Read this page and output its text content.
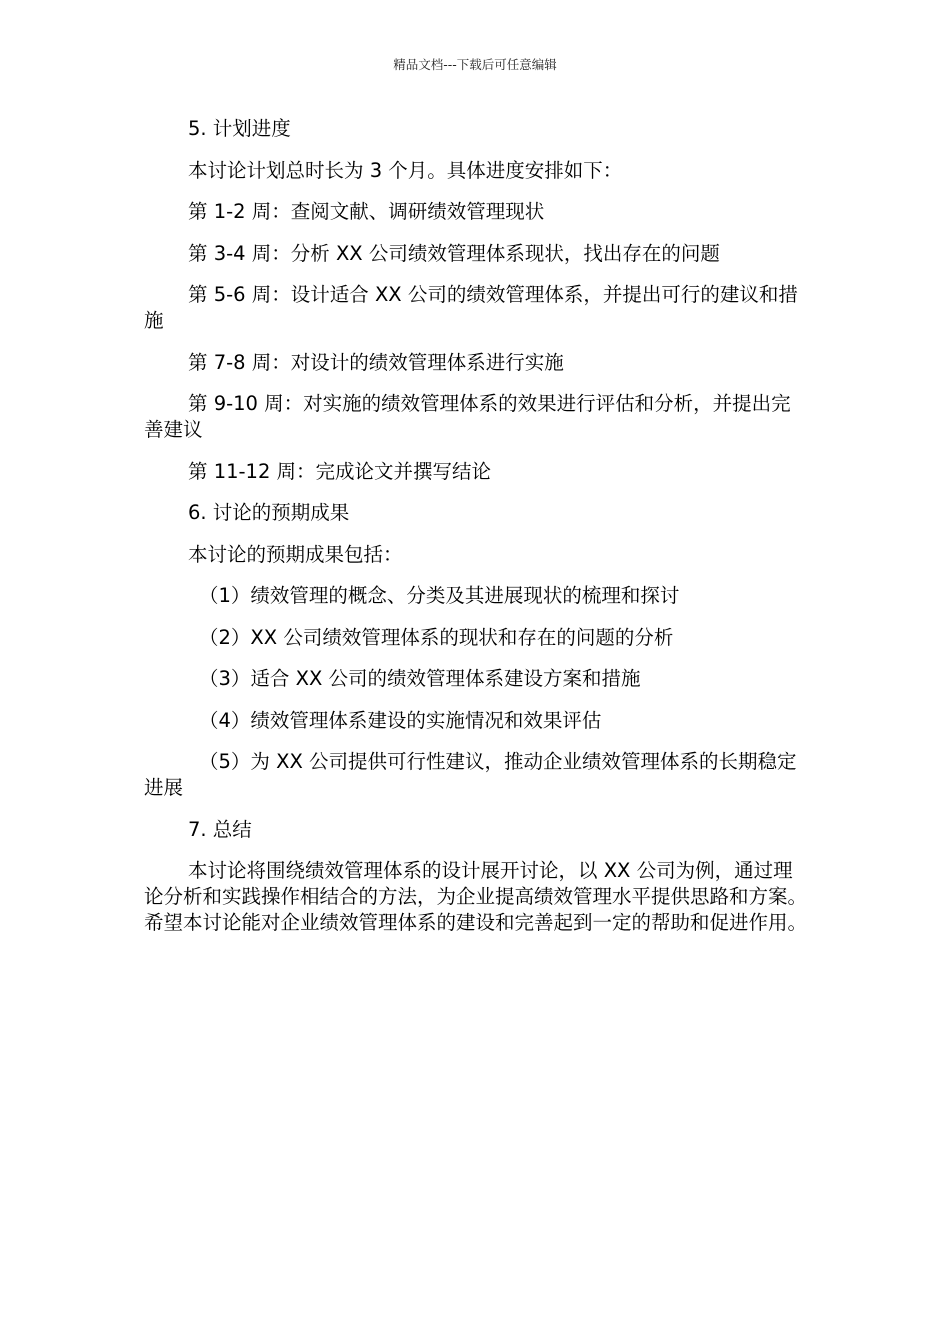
精品文档---下载后可任意编辑

5. 计划进度

本讨论计划总时长为 3 个月。具体进度安排如下：

第 1-2 周：查阅文献、调研绩效管理现状

第 3-4 周：分析 XX 公司绩效管理体系现状，找出存在的问题

第 5-6 周：设计适合 XX 公司的绩效管理体系，并提出可行的建议和措施

第 7-8 周：对设计的绩效管理体系进行实施

第 9-10 周：对实施的绩效管理体系的效果进行评估和分析，并提出完善建议

第 11-12 周：完成论文并撰写结论

6. 讨论的预期成果

本讨论的预期成果包括：

（1）绩效管理的概念、分类及其进展现状的梳理和探讨

（2）XX 公司绩效管理体系的现状和存在的问题的分析

（3）适合 XX 公司的绩效管理体系建设方案和措施

（4）绩效管理体系建设的实施情况和效果评估

（5）为 XX 公司提供可行性建议，推动企业绩效管理体系的长期稳定进展

7. 总结

本讨论将围绕绩效管理体系的设计展开讨论，以 XX 公司为例，通过理论分析和实践操作相结合的方法，为企业提高绩效管理水平提供思路和方案。希望本讨论能对企业绩效管理体系的建设和完善起到一定的帮助和促进作用。
